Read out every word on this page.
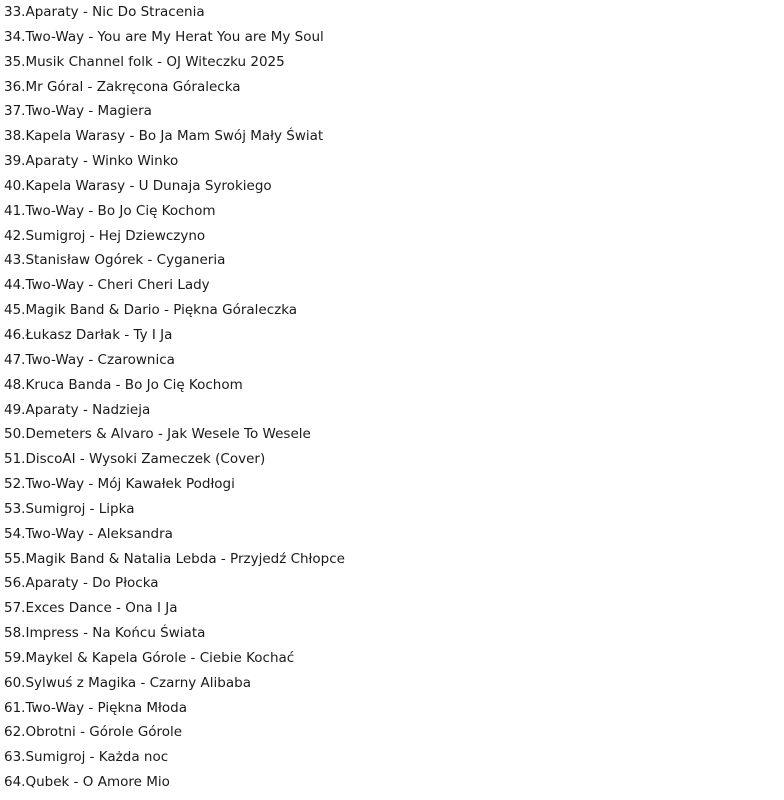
33.Aparaty - Nic Do Stracenia
34.Two-Way - You are My Herat You are My Soul
35.Musik Channel folk - OJ Witeczku 2025
36.Mr Góral - Zakręcona Góralecka
37.Two-Way - Magiera
38.Kapela Warasy - Bo Ja Mam Swój Mały Świat
39.Aparaty - Winko Winko
40.Kapela Warasy - U Dunaja Syrokiego
41.Two-Way - Bo Jo Cię Kochom
42.Sumigroj - Hej Dziewczyno
43.Stanisław Ogórek - Cyganeria
44.Two-Way - Cheri Cheri Lady
45.Magik Band & Dario - Piękna Góraleczka
46.Łukasz Darłak - Ty I Ja
47.Two-Way - Czarownica
48.Kruca Banda - Bo Jo Cię Kochom
49.Aparaty - Nadzieja
50.Demeters & Alvaro - Jak Wesele To Wesele
51.DiscoAI - Wysoki Zameczek (Cover)
52.Two-Way - Mój Kawałek Podłogi
53.Sumigroj - Lipka
54.Two-Way - Aleksandra
55.Magik Band & Natalia Lebda - Przyjedź Chłopce
56.Aparaty - Do Płocka
57.Exces Dance - Ona I Ja
58.Impress - Na Końcu Świata
59.Maykel & Kapela Górole - Ciebie Kochać
60.Sylwuś z Magika - Czarny Alibaba
61.Two-Way - Piękna Młoda
62.Obrotni - Górole Górole
63.Sumigroj - Każda noc
64.Qubek - O Amore Mio
